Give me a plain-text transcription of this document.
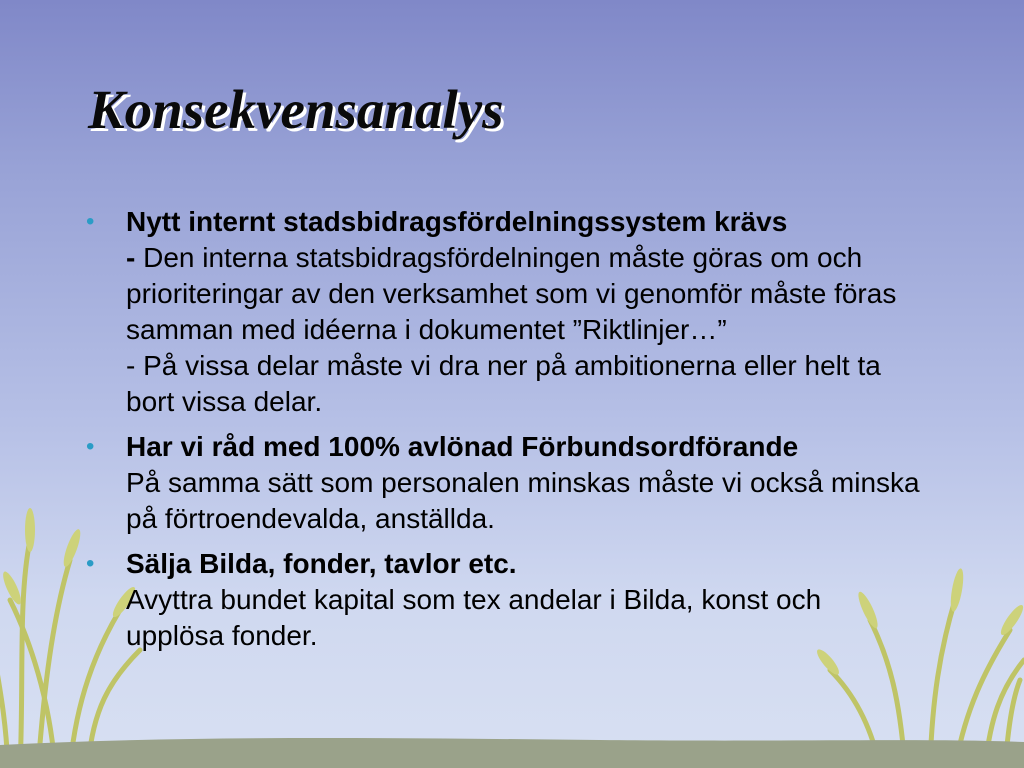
Konsekvensanalys
•	Nytt internt stadsbidragsfördelningssystem krävs
- Den interna statsbidragsfördelningen måste göras om och prioriteringar av den verksamhet som vi genomför måste föras samman med idéerna i dokumentet ”Riktlinjer…”
- På vissa delar måste vi dra ner på ambitionerna eller helt ta bort vissa delar.
•	Har vi råd med 100% avlönad Förbundsordförande
På samma sätt som personalen minskas måste vi också minska på förtroendevalda, anställda.
•	Sälja Bilda, fonder, tavlor etc.
Avyttra bundet kapital som tex andelar i Bilda, konst och upplösa fonder.
